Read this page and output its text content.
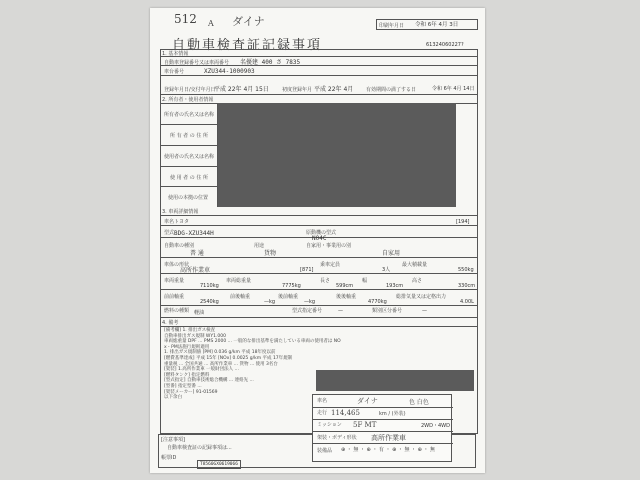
512 A ダイナ	印刷年月日 令和 6年 4月 3日
自動車検査証記録事項	61324060227?
1. 基本情報
自動車登録番号又は車両番号 名優建 400 さ 7835
車台番号	XZU344-1000903
登録年月日/交付年月日
平成 22年 4月 15日	初度登録年月 平成 22年 4月	有効期間の満了する日	令和 6年 4月 14日
2. 所有者・使用者情報
所有者の氏名又は名称
所 有 者 の 住 所
使用者の氏名又は名称
使 用 者 の 住 所
使用の本拠の位置
3. 車両詳細情報
車名 トヨタ	[194]
型式 BDG-XZU344H	原動機の型式
N04C
自動車の種別
普 通
用途
貨物
自家用・事業用の別
自家用
車体の形状
高所作業車	[871]
乗車定員
3人
最大積載量
550kg
車両重量
7110kg
車両総重量
7775kg
長さ
599cm
幅
193cm
高さ
330cm
前前軸重
2540kg
前後軸重
—kg
後前軸重
—kg
後後軸重
4770kg
総排気量又は定格出力
4.00L
燃料の種類 軽油	型式指定番号	—	類別区分番号	—
4. 備考
[備考欄] 1. 排出ガス検査
自動車排出ガス規制 WY1.000
車両総重量 DPF ... PMS 2000 ... 一般的な排出基準を満たしている車両の使用者は NO
x・PM法施行規則適用
1. 排出ガス規制値 [PM] 0.036 g/km 平成 18年度以前
[燃費基準達成] 平成 15年 [NOx] 0.0025 g/km 平成 17年規制
重量税 ... 全国共通 ... 高所作業車 ... 貨物 ... 使用 3名台
[架装] 1.高所作業車 一般財団法人 ...
[燃料タンク] 指定燃料
[型式指定] 自動車技術総合機構 ... 連絡先 ...
[型番] 指定型番 ...
[架装メーカー] 91-01569
以下余白
[注意事項]
自動車検査証の記録事項は...
帳票ID
T8560GX0619066
車名	ダイナ	色 白色
走行 114,465	km / (外装)
ミッション 5F MT	2WD・4WD
架装・ボディ形状 高所作業車
装備品 ⊕ ・ 無 ・ ⊕ ・ 有 ・ ⊕ ・ 無 ・ ⊕ ・ 無
